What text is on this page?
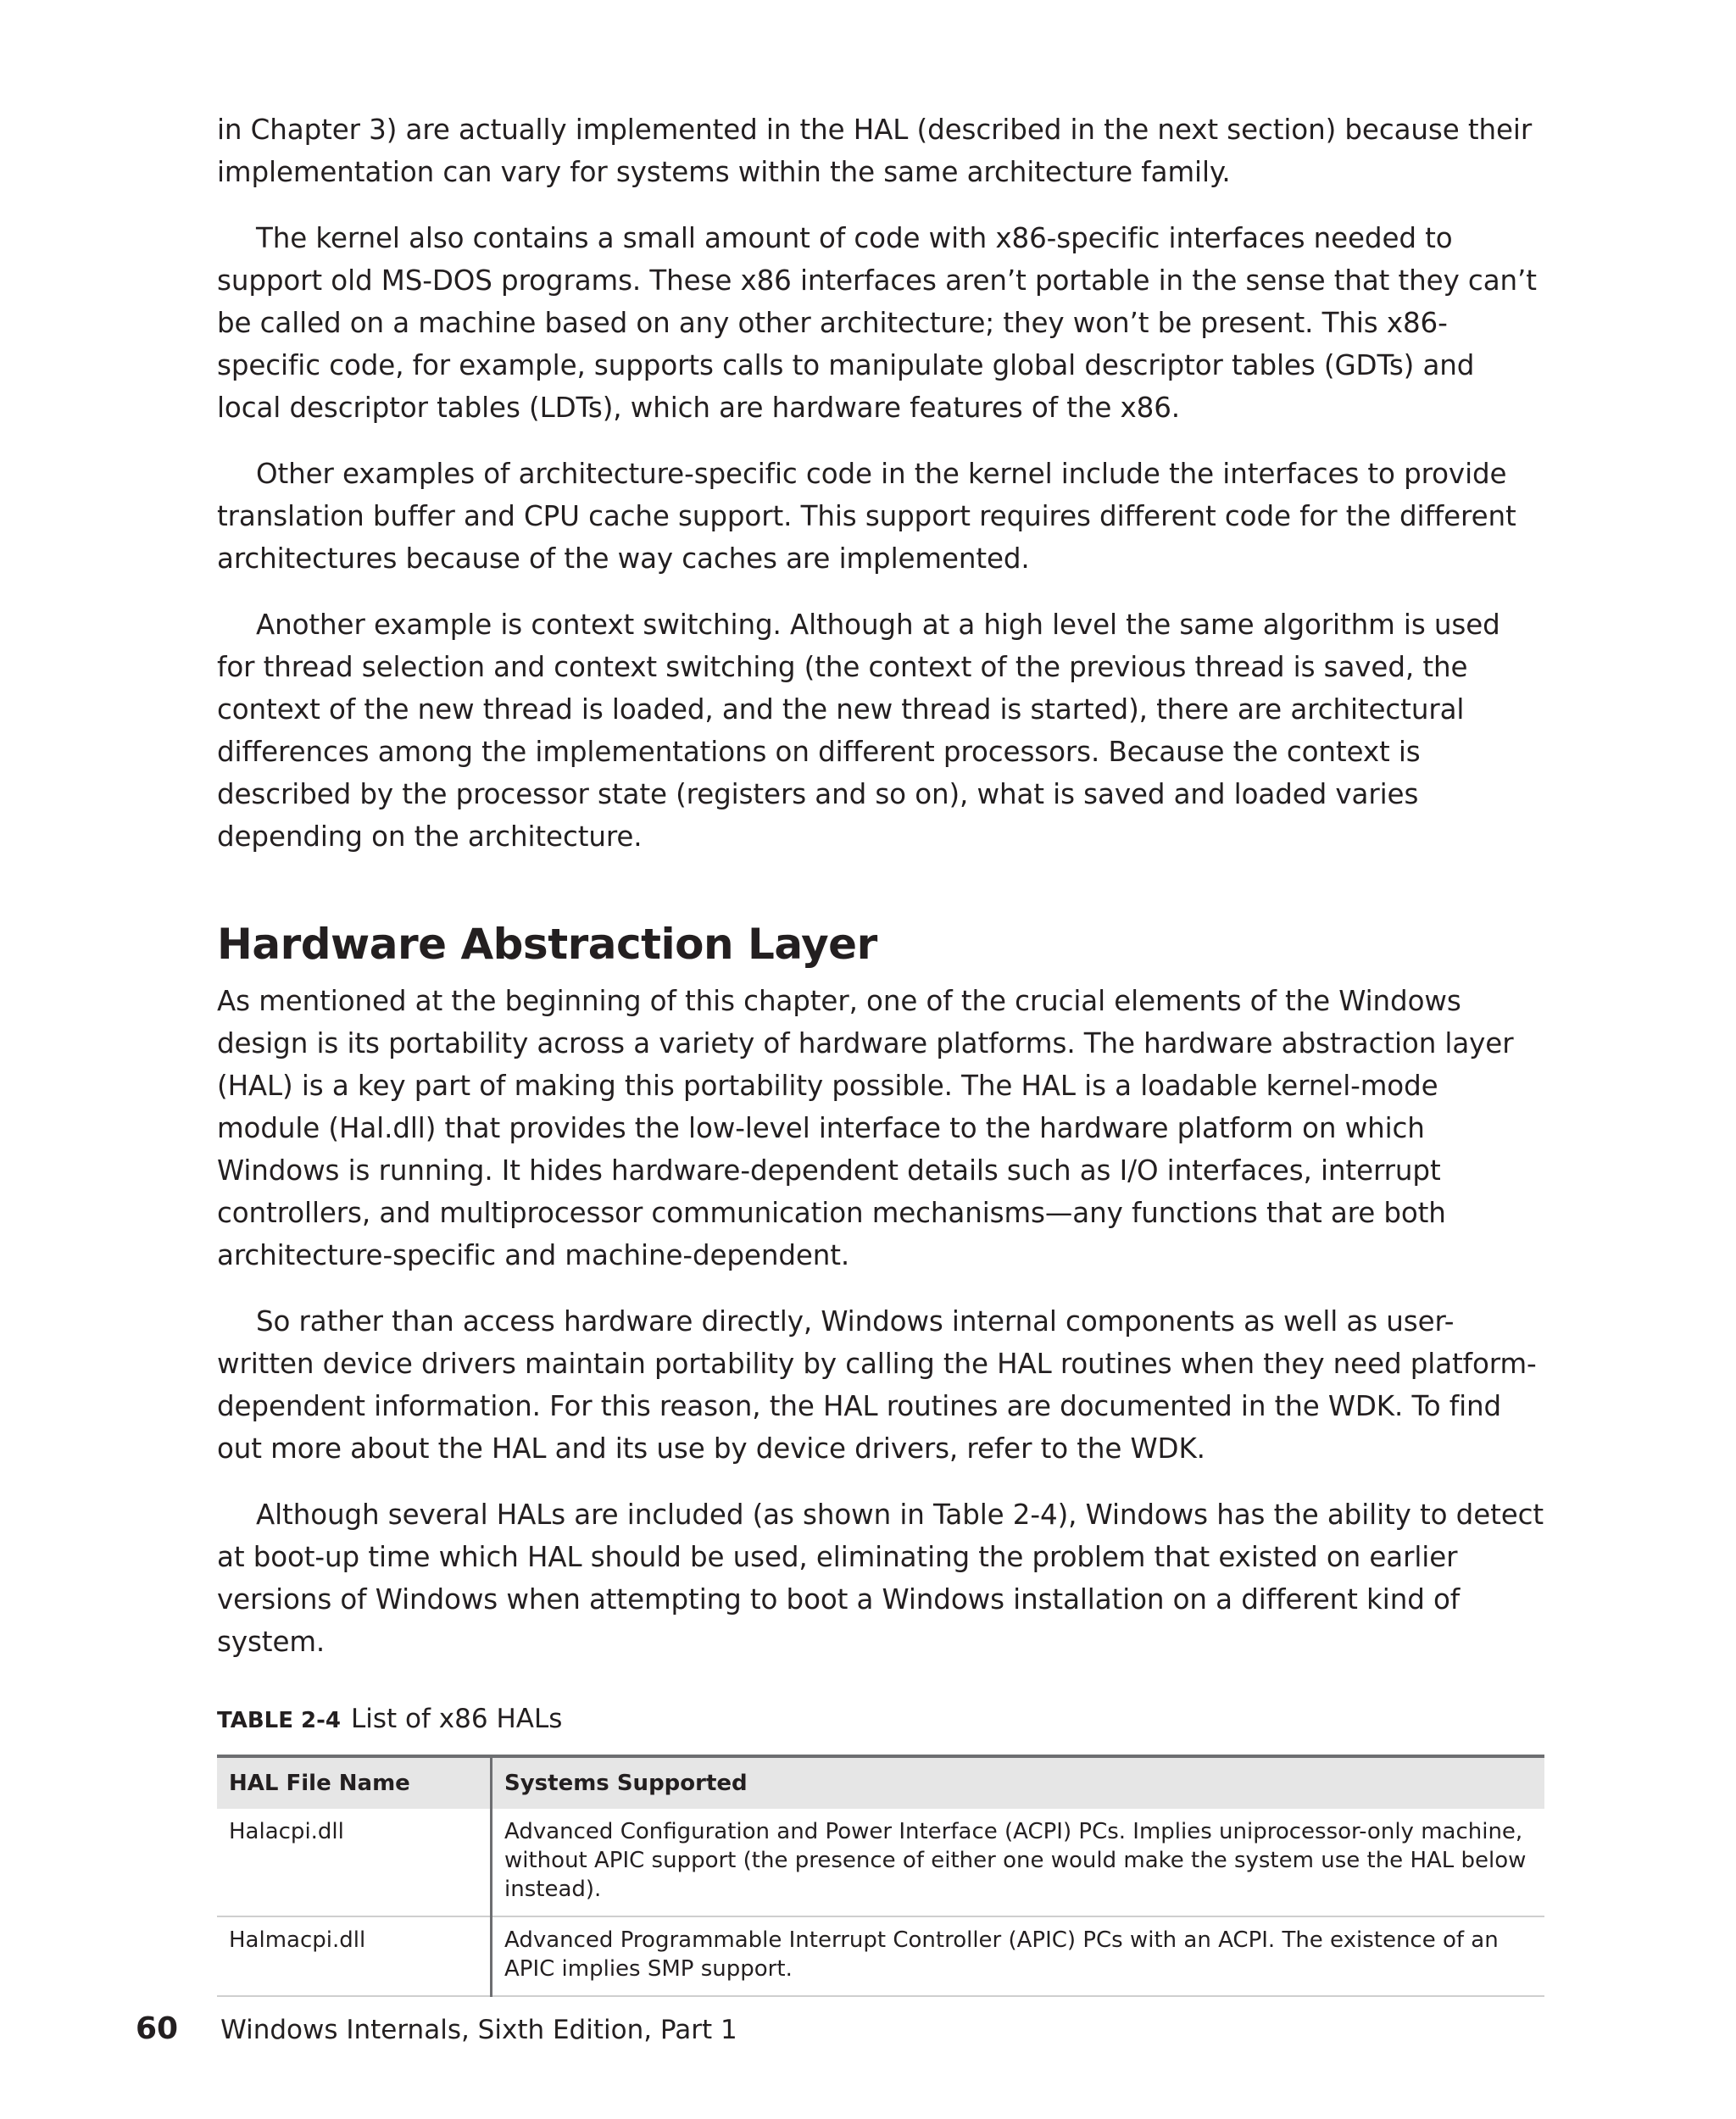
in Chapter 3) are actually implemented in the HAL (described in the next section) because their implementation can vary for systems within the same architecture family.

The kernel also contains a small amount of code with x86-specific interfaces needed to support old MS-DOS programs. These x86 interfaces aren’t portable in the sense that they can’t be called on a machine based on any other architecture; they won’t be present. This x86-specific code, for example, supports calls to manipulate global descriptor tables (GDTs) and local descriptor tables (LDTs), which are hardware features of the x86.

Other examples of architecture-specific code in the kernel include the interfaces to provide translation buffer and CPU cache support. This support requires different code for the different architectures because of the way caches are implemented.

Another example is context switching. Although at a high level the same algorithm is used for thread selection and context switching (the context of the previous thread is saved, the context of the new thread is loaded, and the new thread is started), there are architectural differences among the implementations on different processors. Because the context is described by the processor state (registers and so on), what is saved and loaded varies depending on the architecture.

Hardware Abstraction Layer

As mentioned at the beginning of this chapter, one of the crucial elements of the Windows design is its portability across a variety of hardware platforms. The hardware abstraction layer (HAL) is a key part of making this portability possible. The HAL is a loadable kernel-mode module (Hal.dll) that provides the low-level interface to the hardware platform on which Windows is running. It hides hardware-dependent details such as I/O interfaces, interrupt controllers, and multiprocessor communication mechanisms—any functions that are both architecture-specific and machine-dependent.

So rather than access hardware directly, Windows internal components as well as user-written device drivers maintain portability by calling the HAL routines when they need platform-dependent information. For this reason, the HAL routines are documented in the WDK. To find out more about the HAL and its use by device drivers, refer to the WDK.

Although several HALs are included (as shown in Table 2-4), Windows has the ability to detect at boot-up time which HAL should be used, eliminating the problem that existed on earlier versions of Windows when attempting to boot a Windows installation on a different kind of system.

TABLE 2-4 List of x86 HALs
HAL File Name	Systems Supported
Halacpi.dll	Advanced Configuration and Power Interface (ACPI) PCs. Implies uniprocessor-only machine, without APIC support (the presence of either one would make the system use the HAL below instead).
Halmacpi.dll	Advanced Programmable Interrupt Controller (APIC) PCs with an ACPI. The existence of an APIC implies SMP support.
60 Windows Internals, Sixth Edition, Part 1
